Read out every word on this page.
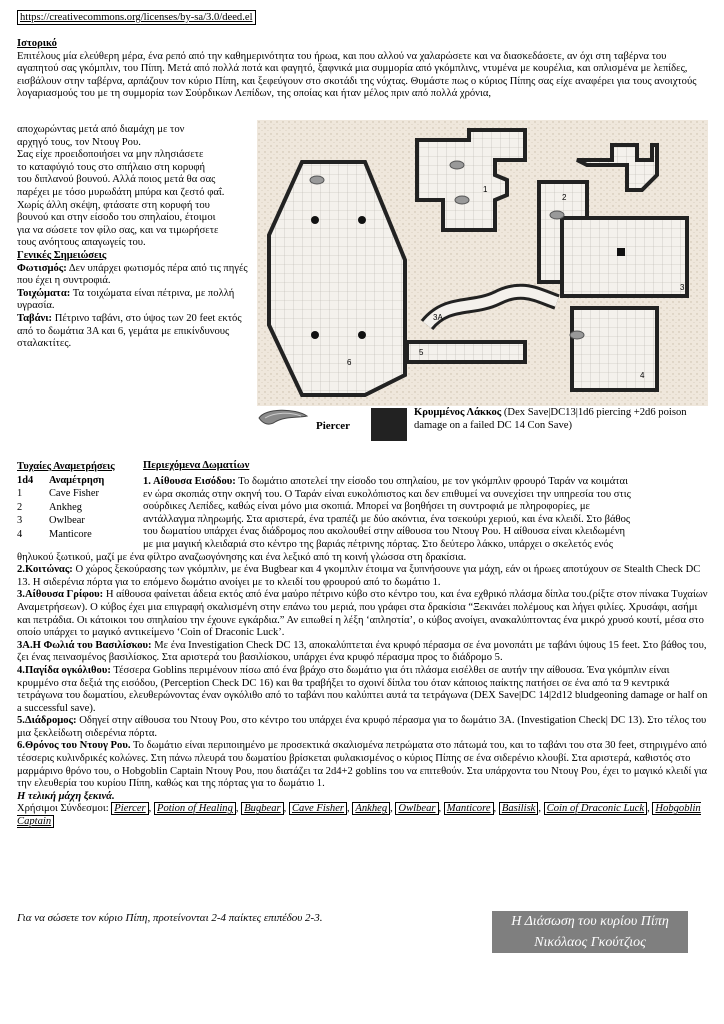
https://creativecommons.org/licenses/by-sa/3.0/deed.el
Ιστορικό
Επιτέλους μία ελεύθερη μέρα, ένα ρεπό από την καθημερινότητα του ήρωα, και που αλλού να χαλαρώσετε και να διασκεδάσετε, αν όχι στη ταβέρνα του αγαπητού σας γκόμπλιν, του Πίπη. Μετά από πολλά ποτά και φαγητό, ξαφνικά μια συμμορία από γκόμπλινς, ντυμένα με κουρέλια, και οπλισμένα με λεπίδες, εισβάλουν στην ταβέρνα, αρπάζουν τον κύριο Πίπη, και ξεφεύγουν στο σκοτάδι της νύχτας. Θυμάστε πως ο κύριος Πίπης σας είχε αναφέρει για τους ανοιχτούς λογαριασμούς του με τη συμμορία των Σούρδικων Λεπίδων, της οποίας και ήταν μέλος πριν από πολλά χρόνια,
αποχωρώντας μετά από διαμάχη με τον
αρχηγό τους, τον Ντουγ Ρου.
Σας είχε προειδοποιήσει να μην πλησιάσετε
το καταφύγιό τους στο σπήλαιο στη κορυφή
του διπλανού βουνού. Αλλά ποιος μετά θα σας
παρέχει με τόσο μυρωδάτη μπύρα και ζεστό φαΐ.
Χωρίς άλλη σκέψη, φτάσατε στη κορυφή του
βουνού και στην είσοδο του σπηλαίου, έτοιμοι
για να σώσετε τον φίλο σας, και να τιμωρήσετε
τους ανόητους απαγωγείς του.
Γενικές Σημειώσεις
Φωτισμός: Δεν υπάρχει φωτισμός πέρα από τις πηγές που έχει η συντροφιά.
Τοιχώματα: Τα τοιχώματα είναι πέτρινα, με πολλή υγρασία.
Ταβάνι: Πέτρινο ταβάνι, στο ύψος των 20 feet εκτός από το δωμάτια 3Α και 6, γεμάτα με επικίνδυνους σταλακτίτες.
1
2
3
3A
4
5
6
Piercer
Κρυμμένος Λάκκος (Dex Save|DC13|1d6 piercing +2d6 poison damage on a failed DC 14 Con Save)
Τυχαίες Αναμετρήσεις
1d4	Αναμέτρηση
1	Cave Fisher
2	Ankheg
3	Owlbear
4	Manticore
Περιεχόμενα Δωματίων
1. Αίθουσα Εισόδου: Το δωμάτιο αποτελεί την είσοδο του σπηλαίου, με τον γκόμπλιν φρουρό Ταράν να κοιμάται
εν ώρα σκοπιάς στην σκηνή του. Ο Ταράν είναι ευκολόπιστος και δεν επιθυμεί να συνεχίσει την υπηρεσία του στις
σούρδικες Λεπίδες, καθώς είναι μόνο μια σκοπιά. Μπορεί να βοηθήσει τη συντροφιά με πληροφορίες, με
αντάλλαγμα πληρωμής. Στα αριστερά, ένα τραπέζι με δύο ακόντια, ένα τσεκούρι χεριού, και ένα κλειδί. Στο βάθος
του δωματίου υπάρχει ένας διάδρομος που ακολουθεί στην αίθουσα του Ντουγ Ρου. Η αίθουσα είναι κλειδωμένη
με μια μαγική κλειδαριά στο κέντρο της βαριάς πέτρινης πόρτας. Στο δεύτερο λάκκο, υπάρχει ο σκελετός ενός
θηλυκού ξωτικού, μαζί με ένα φίλτρο αναζωογόνησης και ένα λεξικό από τη κοινή γλώσσα στη δρακίσια.
2.Κοιτώνας: Ο χώρος ξεκούρασης των γκόμπλιν, με ένα Bugbear και 4 γκομπλιν έτοιμα να ξυπνήσουνε για μάχη, εάν οι ήρωες αποτύχουν σε Stealth Check DC 13. Η σιδερένια πόρτα για το επόμενο δωμάτιο ανοίγει με το κλειδί του φρουρού από το δωμάτιο 1.
3.Αίθουσα Γρίφου: Η αίθουσα φαίνεται άδεια εκτός από ένα μαύρο πέτρινο κύβο στο κέντρο του, και ένα εχθρικό πλάσμα δίπλα του.(ρίξτε στον πίνακα Τυχαίων Αναμετρήσεων). Ο κύβος έχει μια επιγραφή σκαλισμένη στην επάνω του μεριά, που γράφει στα δρακίσια “Ξεκινάει πολέμους και λήγει φιλίες. Χρυσάφι, ασήμι και πετράδια. Οι κάτοικοι του σπηλαίου την έχουνε εγκάρδια.” Αν ειπωθεί η λέξη ‘απληστία’, ο κύβος ανοίγει, ανακαλύπτοντας ένα μικρό χρυσό κουτί, μέσα στο οποίο υπάρχει το μαγικό αντικείμενο ‘Coin of Draconic Luck’.
3Α.Η Φωλιά του Βασιλίσκου: Με ένα Investigation Check DC 13, αποκαλύπτεται ένα κρυφό πέρασμα σε ένα μονοπάτι με ταβάνι ύψους 15 feet. Στο βάθος του, ζει ένας πεινασμένος βασιλίσκος. Στα αριστερά του βασιλίσκου, υπάρχει ένα κρυφό πέρασμα προς το διάδρομο 5.
4.Παγίδα ογκόλιθου: Τέσσερα Goblins περιμένουν πίσω από ένα βράχο στο δωμάτιο για ότι πλάσμα εισέλθει σε αυτήν την αίθουσα. Ένα γκόμπλιν είναι κρυμμένο στα δεξιά της εισόδου, (Perception Check DC 16) και θα τραβήξει το σχοινί δίπλα του όταν κάποιος παίκτης πατήσει σε ένα από τα 9 κεντρικά τετράγωνα του δωματίου, ελευθερώνοντας έναν ογκόλιθο από το ταβάνι που καλύπτει αυτά τα τετράγωνα (DEX Save|DC 14|2d12 bludgeoning damage or half on a successful save).
5.Διάδρομος: Οδηγεί στην αίθουσα του Ντουγ Ρου, στο κέντρο του υπάρχει ένα κρυφό πέρασμα για το δωμάτιο 3Α. (Investigation Check| DC 13). Στο τέλος του μια ξεκλείδωτη σιδερένια πόρτα.
6.Θρόνος του Ντουγ Ρου. Το δωμάτιο είναι περιποιημένο με προσεκτικά σκαλισμένα πετρώματα στο πάτωμά του, και το ταβάνι του στα 30 feet, στηριγμένο από τέσσερις κυλινδρικές κολώνες. Στη πάνω πλευρά του δωματίου βρίσκεται φυλακισμένος ο κύριος Πίπης σε ένα σιδερένιο κλουβί. Στα αριστερά, καθιστός στο μαρμάρινο θρόνο του, ο Hobgoblin Captain Ντουγ Ρου, που διατάζει τα 2d4+2 goblins του να επιτεθούν. Στα υπάρχοντα του Ντουγ Ρου, έχει το μαγικό κλειδί για την ελευθερία του κυρίου Πίπη, καθώς και της πόρτας για το δωμάτιο 1.
Η τελική μάχη ξεκινά.
Χρήσιμοι Σύνδεσμοι: Piercer , Potion of Healing , Bugbear , Cave Fisher , Ankheg , Owlbear , Manticore , Basilisk , Coin of Draconic Luck , Hobgoblin Captain
Για να σώσετε τον κύριο Πίπη, προτείνονται 2-4 παίκτες επιπέδου 2-3.	Η Διάσωση του κυρίου Πίπη
Νικόλαος Γκούτζιος
